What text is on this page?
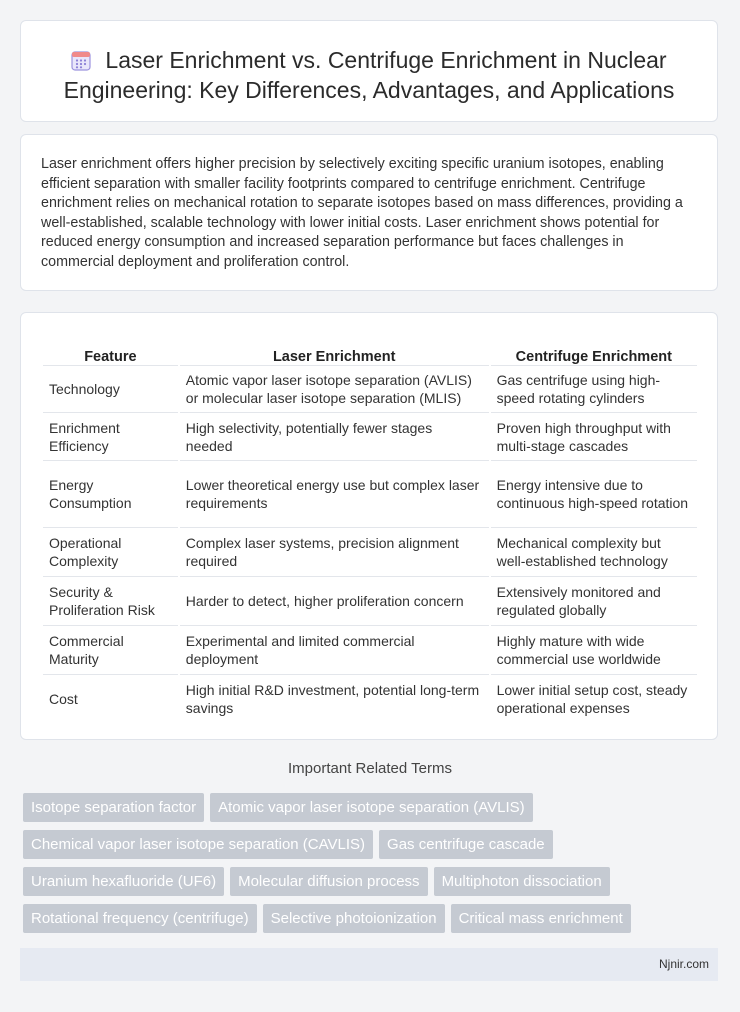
Laser Enrichment vs. Centrifuge Enrichment in Nuclear Engineering: Key Differences, Advantages, and Applications

Laser enrichment offers higher precision by selectively exciting specific uranium isotopes, enabling efficient separation with smaller facility footprints compared to centrifuge enrichment. Centrifuge enrichment relies on mechanical rotation to separate isotopes based on mass differences, providing a well-established, scalable technology with lower initial costs. Laser enrichment shows potential for reduced energy consumption and increased separation performance but faces challenges in commercial deployment and proliferation control.

Feature	Laser Enrichment	Centrifuge Enrichment
Technology	Atomic vapor laser isotope separation (AVLIS) or molecular laser isotope separation (MLIS)	Gas centrifuge using high-speed rotating cylinders
Enrichment Efficiency	High selectivity, potentially fewer stages needed	Proven high throughput with multi-stage cascades
Energy Consumption	Lower theoretical energy use but complex laser requirements	Energy intensive due to continuous high-speed rotation
Operational Complexity	Complex laser systems, precision alignment required	Mechanical complexity but well-established technology
Security & Proliferation Risk	Harder to detect, higher proliferation concern	Extensively monitored and regulated globally
Commercial Maturity	Experimental and limited commercial deployment	Highly mature with wide commercial use worldwide
Cost	High initial R&D investment, potential long-term savings	Lower initial setup cost, steady operational expenses
Important Related Terms
Isotope separation factor	Atomic vapor laser isotope separation (AVLIS)
Chemical vapor laser isotope separation (CAVLIS)	Gas centrifuge cascade
Uranium hexafluoride (UF6)	Molecular diffusion process	Multiphoton dissociation
Rotational frequency (centrifuge)	Selective photoionization	Critical mass enrichment
Njnir.com
